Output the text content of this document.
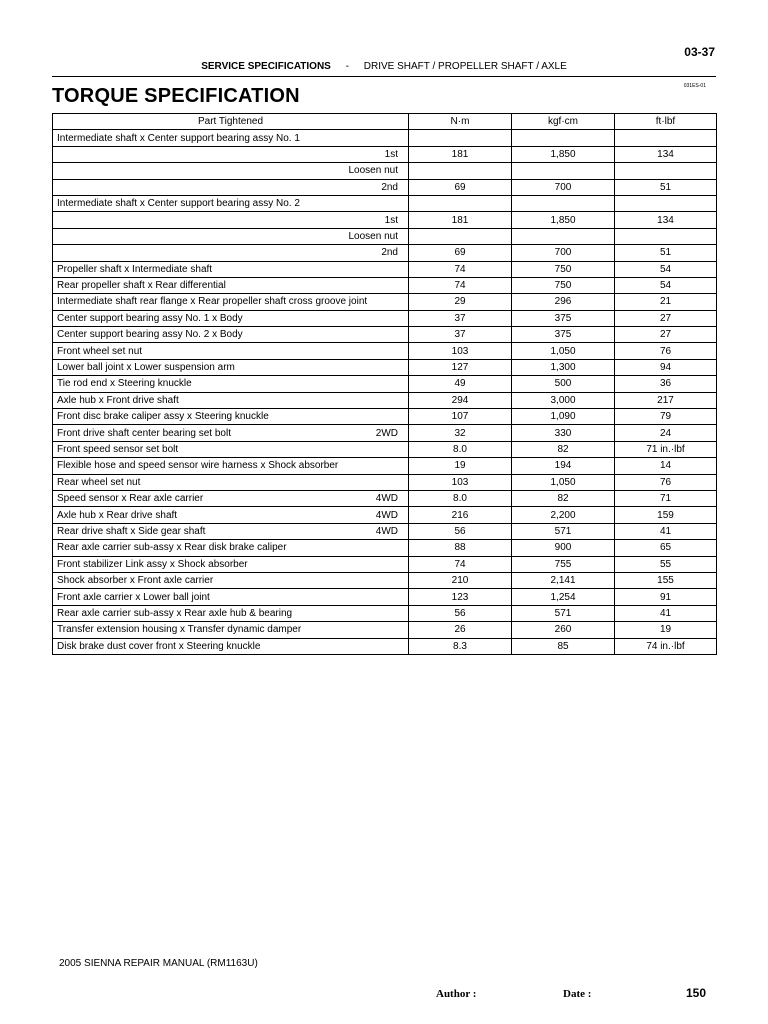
03-37
SERVICE SPECIFICATIONS - DRIVE SHAFT / PROPELLER SHAFT / AXLE
031ES-01
TORQUE SPECIFICATION
Part Tightened	N·m	kgf·cm	ft·lbf

Intermediate shaft x Center support bearing assy No. 1			

1st	181	1,850	134

Loosen nut			

2nd	69	700	51

Intermediate shaft x Center support bearing assy No. 2			

1st	181	1,850	134

Loosen nut			

2nd	69	700	51

Propeller shaft x Intermediate shaft	74	750	54

Rear propeller shaft x Rear differential	74	750	54

Intermediate shaft rear flange x Rear propeller shaft cross groove joint	29	296	21

Center support bearing assy No. 1 x Body	37	375	27

Center support bearing assy No. 2 x Body	37	375	27

Front wheel set nut	103	1,050	76

Lower ball joint x Lower suspension arm	127	1,300	94

Tie rod end x Steering knuckle	49	500	36

Axle hub x Front drive shaft	294	3,000	217

Front disc brake caliper assy x Steering knuckle	107	1,090	79

Front drive shaft center bearing set bolt 2WD	32	330	24

Front speed sensor set bolt	8.0	82	71 in.·lbf

Flexible hose and speed sensor wire harness x Shock absorber	19	194	14

Rear wheel set nut	103	1,050	76

Speed sensor x Rear axle carrier 4WD	8.0	82	71

Axle hub x Rear drive shaft 4WD	216	2,200	159

Rear drive shaft x Side gear shaft 4WD	56	571	41

Rear axle carrier sub-assy x Rear disk brake caliper	88	900	65

Front stabilizer Link assy x Shock absorber	74	755	55

Shock absorber x Front axle carrier	210	2,141	155

Front axle carrier x Lower ball joint	123	1,254	91

Rear axle carrier sub-assy x Rear axle hub & bearing	56	571	41

Transfer extension housing x Transfer dynamic damper	26	260	19

Disk brake dust cover front x Steering knuckle	8.3	85	74 in.·lbf
2005 SIENNA REPAIR MANUAL (RM1163U)
Author :	Date :	150
